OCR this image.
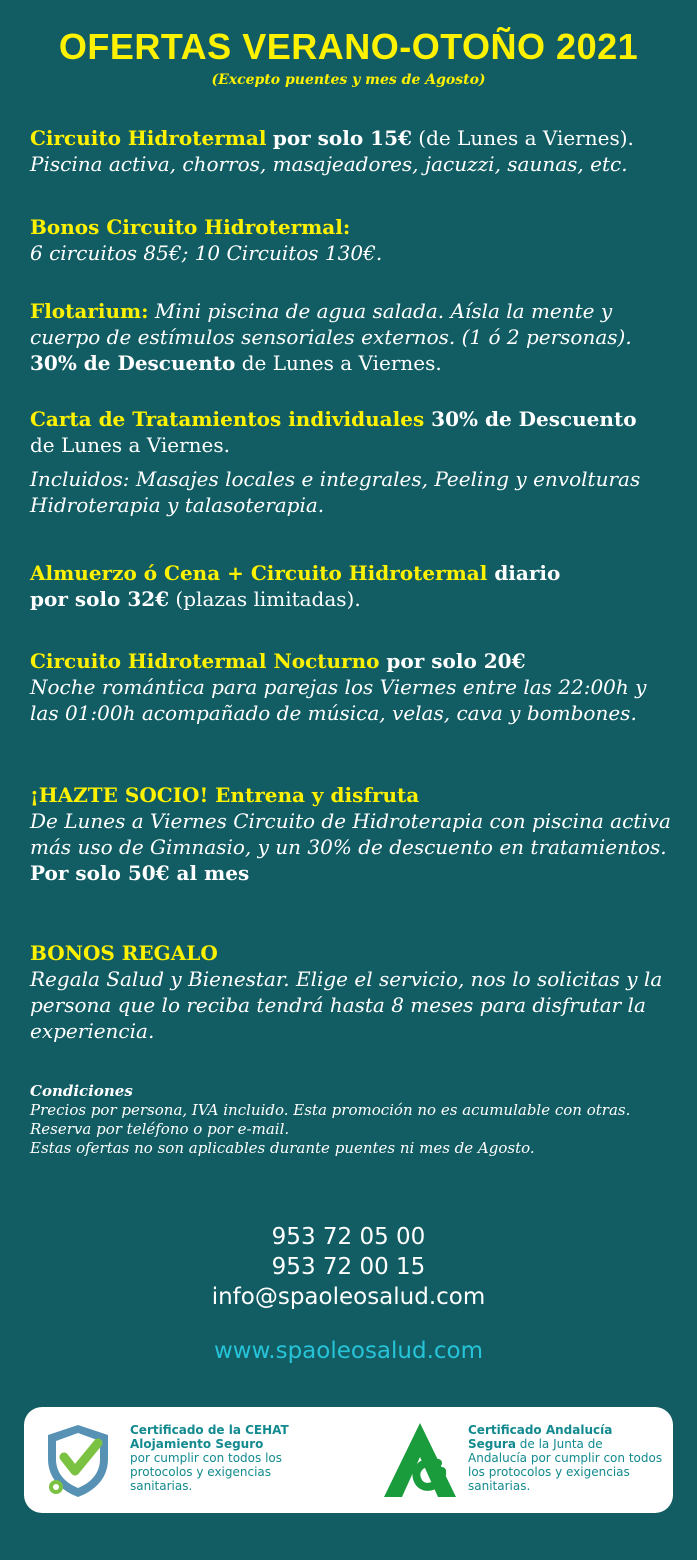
OFERTAS VERANO-OTOÑO 2021
(Excepto puentes y mes de Agosto)
Circuito Hidrotermal por solo 15€ (de Lunes a Viernes).
Piscina activa, chorros, masajeadores, jacuzzi, saunas, etc.
Bonos Circuito Hidrotermal:
6 circuitos 85€; 10 Circuitos 130€.
Flotarium: Mini piscina de agua salada. Aísla la mente y cuerpo de estímulos sensoriales externos. (1 ó 2 personas).
30% de Descuento de Lunes a Viernes.
Carta de Tratamientos individuales 30% de Descuento
de Lunes a Viernes.
Incluidos: Masajes locales e integrales, Peeling y envolturas Hidroterapia y talasoterapia.
Almuerzo ó Cena + Circuito Hidrotermal diario
por solo 32€ (plazas limitadas).
Circuito Hidrotermal Nocturno por solo 20€
Noche romántica para parejas los Viernes entre las 22:00h y las 01:00h acompañado de música, velas, cava y bombones.
¡HAZTE SOCIO! Entrena y disfruta
De Lunes a Viernes Circuito de Hidroterapia con piscina activa más uso de Gimnasio, y un 30% de descuento en tratamientos.
Por solo 50€ al mes
BONOS REGALO
Regala Salud y Bienestar. Elige el servicio, nos lo solicitas y la persona que lo reciba tendrá hasta 8 meses para disfrutar la experiencia.
Condiciones
Precios por persona, IVA incluido. Esta promoción no es acumulable con otras. Reserva por teléfono o por e-mail.
Estas ofertas no son aplicables durante puentes ni mes de Agosto.
953 72 05 00
953 72 00 15
info@spaoleosalud.com
www.spaoleosalud.com
Certificado de la CEHAT Alojamiento Seguro
por cumplir con todos los protocolos y exigencias sanitarias.
Certificado Andalucía Segura de la Junta de Andalucía por cumplir con todos los protocolos y exigencias sanitarias.
